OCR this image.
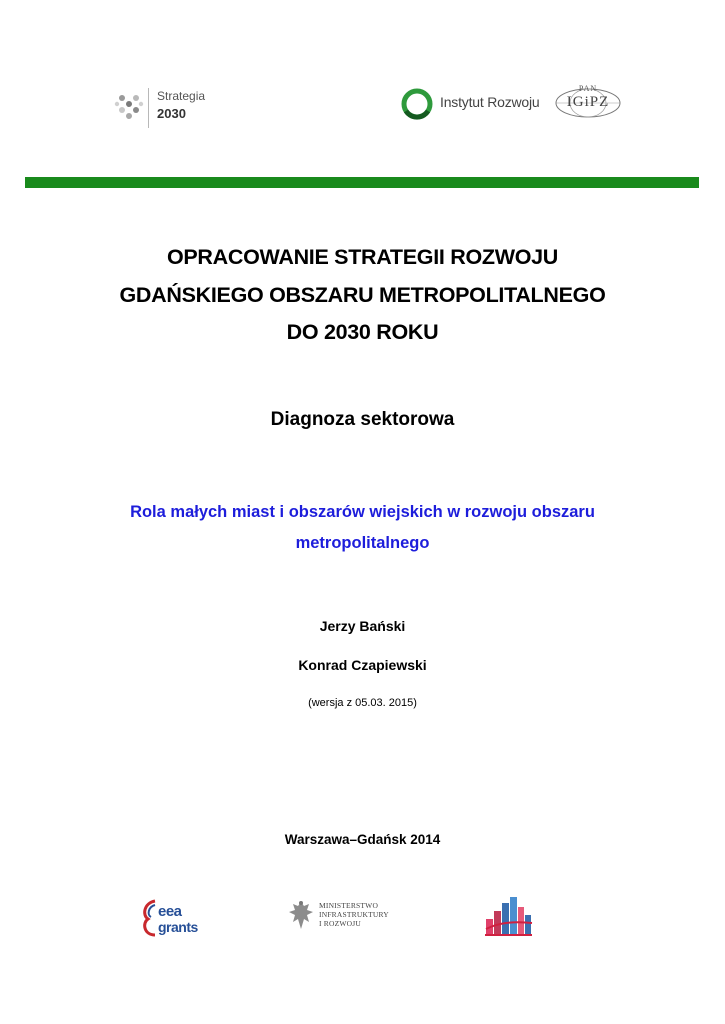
Strategia
2030
Instytut Rozwoju
PAN
IGiPZ
OPRACOWANIE STRATEGII ROZWOJU
GDAŃSKIEGO OBSZARU METROPOLITALNEGO
DO 2030 ROKU
Diagnoza sektorowa
Rola małych miast i obszarów wiejskich w rozwoju obszaru
metropolitalnego
Jerzy Bański
Konrad Czapiewski
(wersja z 05.03. 2015)
Warszawa–Gdańsk 2014
eea
grants
MINISTERSTWO
INFRASTRUKTURY
I ROZWOJU
